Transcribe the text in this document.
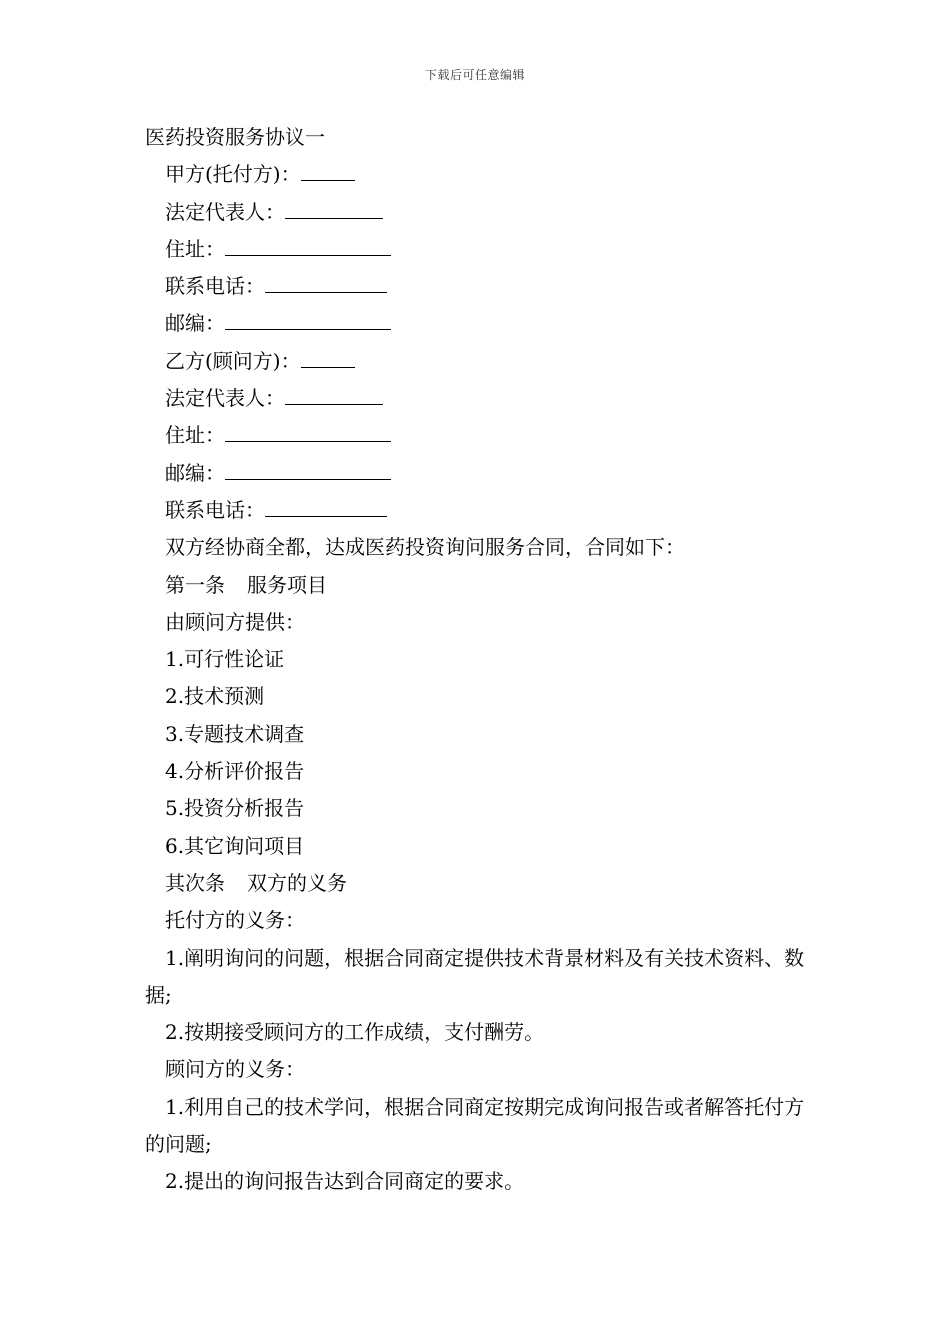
下载后可任意编辑
医药投资服务协议一
甲方(托付方)：
法定代表人：
住址：
联系电话：
邮编：
乙方(顾问方)：
法定代表人：
住址：
邮编：
联系电话：
双方经协商全都，达成医药投资询问服务合同，合同如下：
第一条 服务项目
由顾问方提供：
1.可行性论证
2.技术预测
3.专题技术调查
4.分析评价报告
5.投资分析报告
6.其它询问项目
其次条 双方的义务
托付方的义务：
1.阐明询问的问题，根据合同商定提供技术背景材料及有关技术资料、数据;
2.按期接受顾问方的工作成绩，支付酬劳。
顾问方的义务：
1.利用自己的技术学问，根据合同商定按期完成询问报告或者解答托付方的问题;
2.提出的询问报告达到合同商定的要求。
